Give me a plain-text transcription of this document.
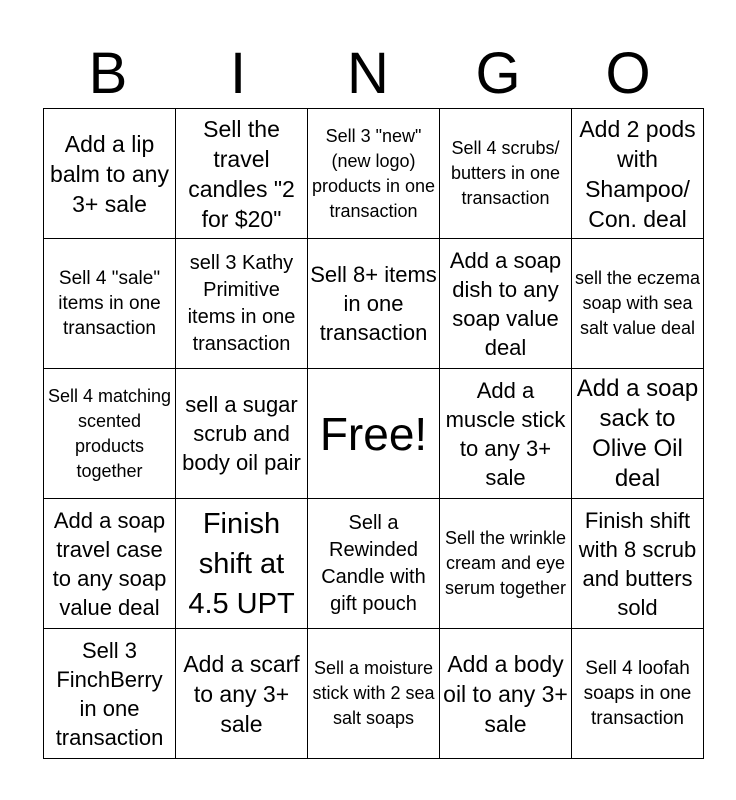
B	I	N	G	O
Add a lip balm to any 3+ sale	Sell the travel candles "2 for $20"	Sell 3 "new" (new logo) products in one transaction	Sell 4 scrubs/ butters in one transaction	Add 2 pods with Shampoo/ Con. deal

Sell 4 "sale" items in one transaction	sell 3 Kathy Primitive items in one transaction	Sell 8+ items in one transaction	Add a soap dish to any soap value deal	sell the eczema soap with sea salt value deal

Sell 4 matching scented products together	sell a sugar scrub and body oil pair	Free!	Add a muscle stick to any 3+ sale	Add a soap sack to Olive Oil deal

Add a soap travel case to any soap value deal	Finish shift at 4.5 UPT	Sell a Rewinded Candle with gift pouch	Sell the wrinkle cream and eye serum together	Finish shift with 8 scrub and butters sold

Sell 3 FinchBerry in one transaction	Add a scarf to any 3+ sale	Sell a moisture stick with 2 sea salt soaps	Add a body oil to any 3+ sale	Sell 4 loofah soaps in one transaction
